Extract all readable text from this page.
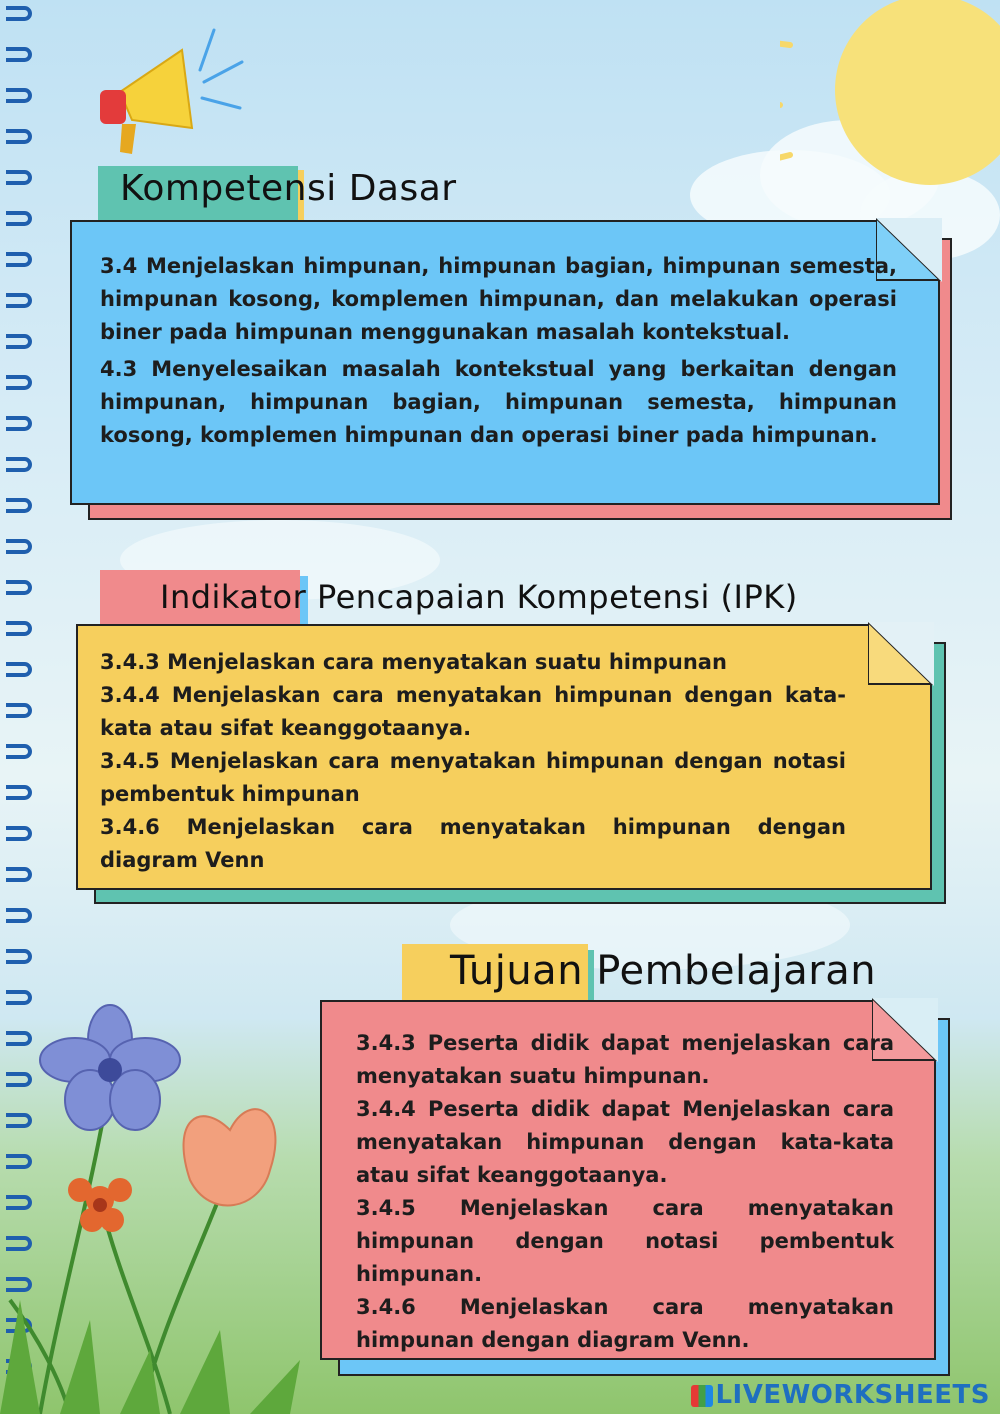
Kompetensi Dasar

3.4 Menjelaskan himpunan, himpunan bagian, himpunan semesta, himpunan kosong, komplemen himpunan, dan melakukan operasi biner pada himpunan menggunakan masalah kontekstual.

4.3 Menyelesaikan masalah kontekstual yang berkaitan dengan himpunan, himpunan bagian, himpunan semesta, himpunan kosong, komplemen himpunan dan operasi biner pada himpunan.

Indikator Pencapaian Kompetensi (IPK)

3.4.3 Menjelaskan cara menyatakan suatu himpunan

3.4.4 Menjelaskan cara menyatakan himpunan dengan kata-kata atau sifat keanggotaanya.

3.4.5 Menjelaskan cara menyatakan himpunan dengan notasi pembentuk himpunan

3.4.6 Menjelaskan cara menyatakan himpunan dengan diagram Venn

Tujuan Pembelajaran

3.4.3 Peserta didik dapat menjelaskan cara menyatakan suatu himpunan.

3.4.4 Peserta didik dapat Menjelaskan cara menyatakan himpunan dengan kata-kata atau sifat keanggotaanya.

3.4.5 Menjelaskan cara menyatakan himpunan dengan notasi pembentuk himpunan.

3.4.6 Menjelaskan cara menyatakan himpunan dengan diagram Venn.

LIVEWORKSHEETS
